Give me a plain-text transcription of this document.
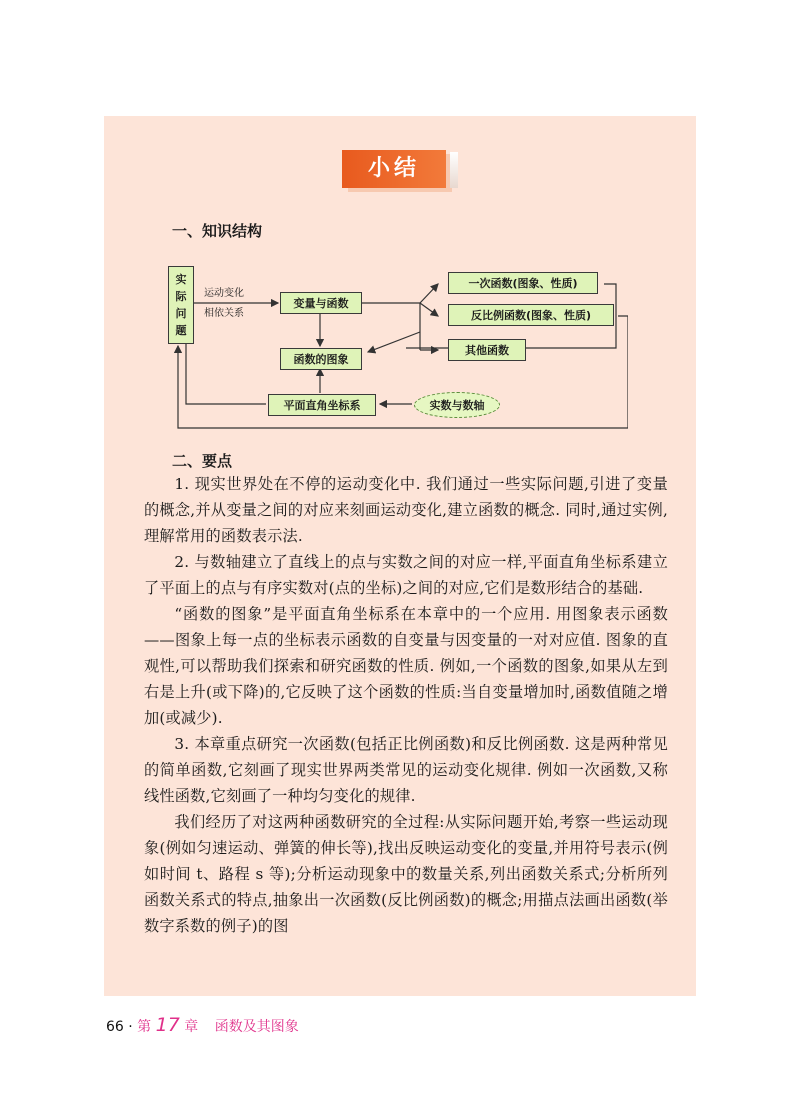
小结
一、知识结构
实
际
问
题
运动变化
相依关系
变量与函数
函数的图象
平面直角坐标系	实数与数轴
一次函数(图象、性质)
反比例函数(图象、性质)
其他函数
二、要点

1. 现实世界处在不停的运动变化中. 我们通过一些实际问题,引进了变量的概念,并从变量之间的对应来刻画运动变化,建立函数的概念. 同时,通过实例,理解常用的函数表示法.

2. 与数轴建立了直线上的点与实数之间的对应一样,平面直角坐标系建立了平面上的点与有序实数对(点的坐标)之间的对应,它们是数形结合的基础.

“函数的图象”是平面直角坐标系在本章中的一个应用. 用图象表示函数——图象上每一点的坐标表示函数的自变量与因变量的一对对应值. 图象的直观性,可以帮助我们探索和研究函数的性质. 例如,一个函数的图象,如果从左到右是上升(或下降)的,它反映了这个函数的性质:当自变量增加时,函数值随之增加(或减少).

3. 本章重点研究一次函数(包括正比例函数)和反比例函数. 这是两种常见的简单函数,它刻画了现实世界两类常见的运动变化规律. 例如一次函数,又称线性函数,它刻画了一种均匀变化的规律.

我们经历了对这两种函数研究的全过程:从实际问题开始,考察一些运动现象(例如匀速运动、弹簧的伸长等),找出反映运动变化的变量,并用符号表示(例如时间 t、路程 s 等);分析运动现象中的数量关系,列出函数关系式;分析所列函数关系式的特点,抽象出一次函数(反比例函数)的概念;用描点法画出函数(举数字系数的例子)的图

66 · 第 17 章 函数及其图象
